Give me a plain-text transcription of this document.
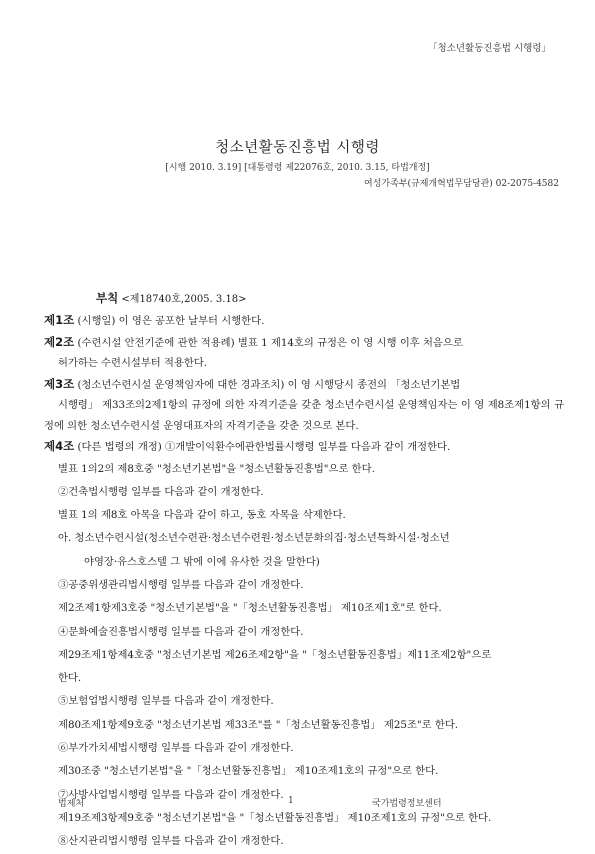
「청소년활동진흥법 시행령」
청소년활동진흥법 시행령
[시행 2010. 3.19] [대통령령 제22076호, 2010. 3.15, 타법개정]
여성가족부(규제개혁법무담당관) 02-2075-4582
부칙 <제18740호,2005. 3.18>

제1조 (시행일) 이 영은 공포한 날부터 시행한다.

제2조 (수련시설 안전기준에 관한 적용례) 별표 1 제14호의 규정은 이 영 시행 이후 처음으로
허가하는 수련시설부터 적용한다.

제3조 (청소년수련시설 운영책임자에 대한 경과조치) 이 영 시행당시 종전의 「청소년기본법
시행령」 제33조의2제1항의 규정에 의한 자격기준을 갖춘 청소년수련시설 운영책임자는 이 영 제8조제1항의 규정에 의한 청소년수련시설 운영대표자의 자격기준을 갖춘 것으로 본다.

제4조 (다른 법령의 개정) ①개발이익환수에관한법률시행령 일부를 다음과 같이 개정한다.

별표 1의2의 제8호중 "청소년기본법"을 "청소년활동진흥법"으로 한다.
②건축법시행령 일부를 다음과 같이 개정한다.
별표 1의 제8호 아목을 다음과 같이 하고, 동호 자목을 삭제한다.
아. 청소년수련시설(청소년수련관·청소년수련원·청소년문화의집·청소년특화시설·청소년
야영장·유스호스텔 그 밖에 이에 유사한 것을 말한다)
③공중위생관리법시행령 일부를 다음과 같이 개정한다.
제2조제1항제3호중 "청소년기본법"을 "「청소년활동진흥법」 제10조제1호"로 한다.
④문화예술진흥법시행령 일부를 다음과 같이 개정한다.
제29조제1항제4호중 "청소년기본법 제26조제2항"을 "「청소년활동진흥법」제11조제2항"으로
한다.
⑤보험업법시행령 일부를 다음과 같이 개정한다.
제80조제1항제9호중 "청소년기본법 제33조"를 "「청소년활동진흥법」 제25조"로 한다.
⑥부가가치세법시행령 일부를 다음과 같이 개정한다.
제30조중 "청소년기본법"을 "「청소년활동진흥법」 제10조제1호의 규정"으로 한다.
⑦사방사업법시행령 일부를 다음과 같이 개정한다.
제19조제3항제9호중 "청소년기본법"을 "「청소년활동진흥법」 제10조제1호의 규정"으로 한다.
⑧산지관리법시행령 일부를 다음과 같이 개정한다.
법제처	1	국가법령정보센터
